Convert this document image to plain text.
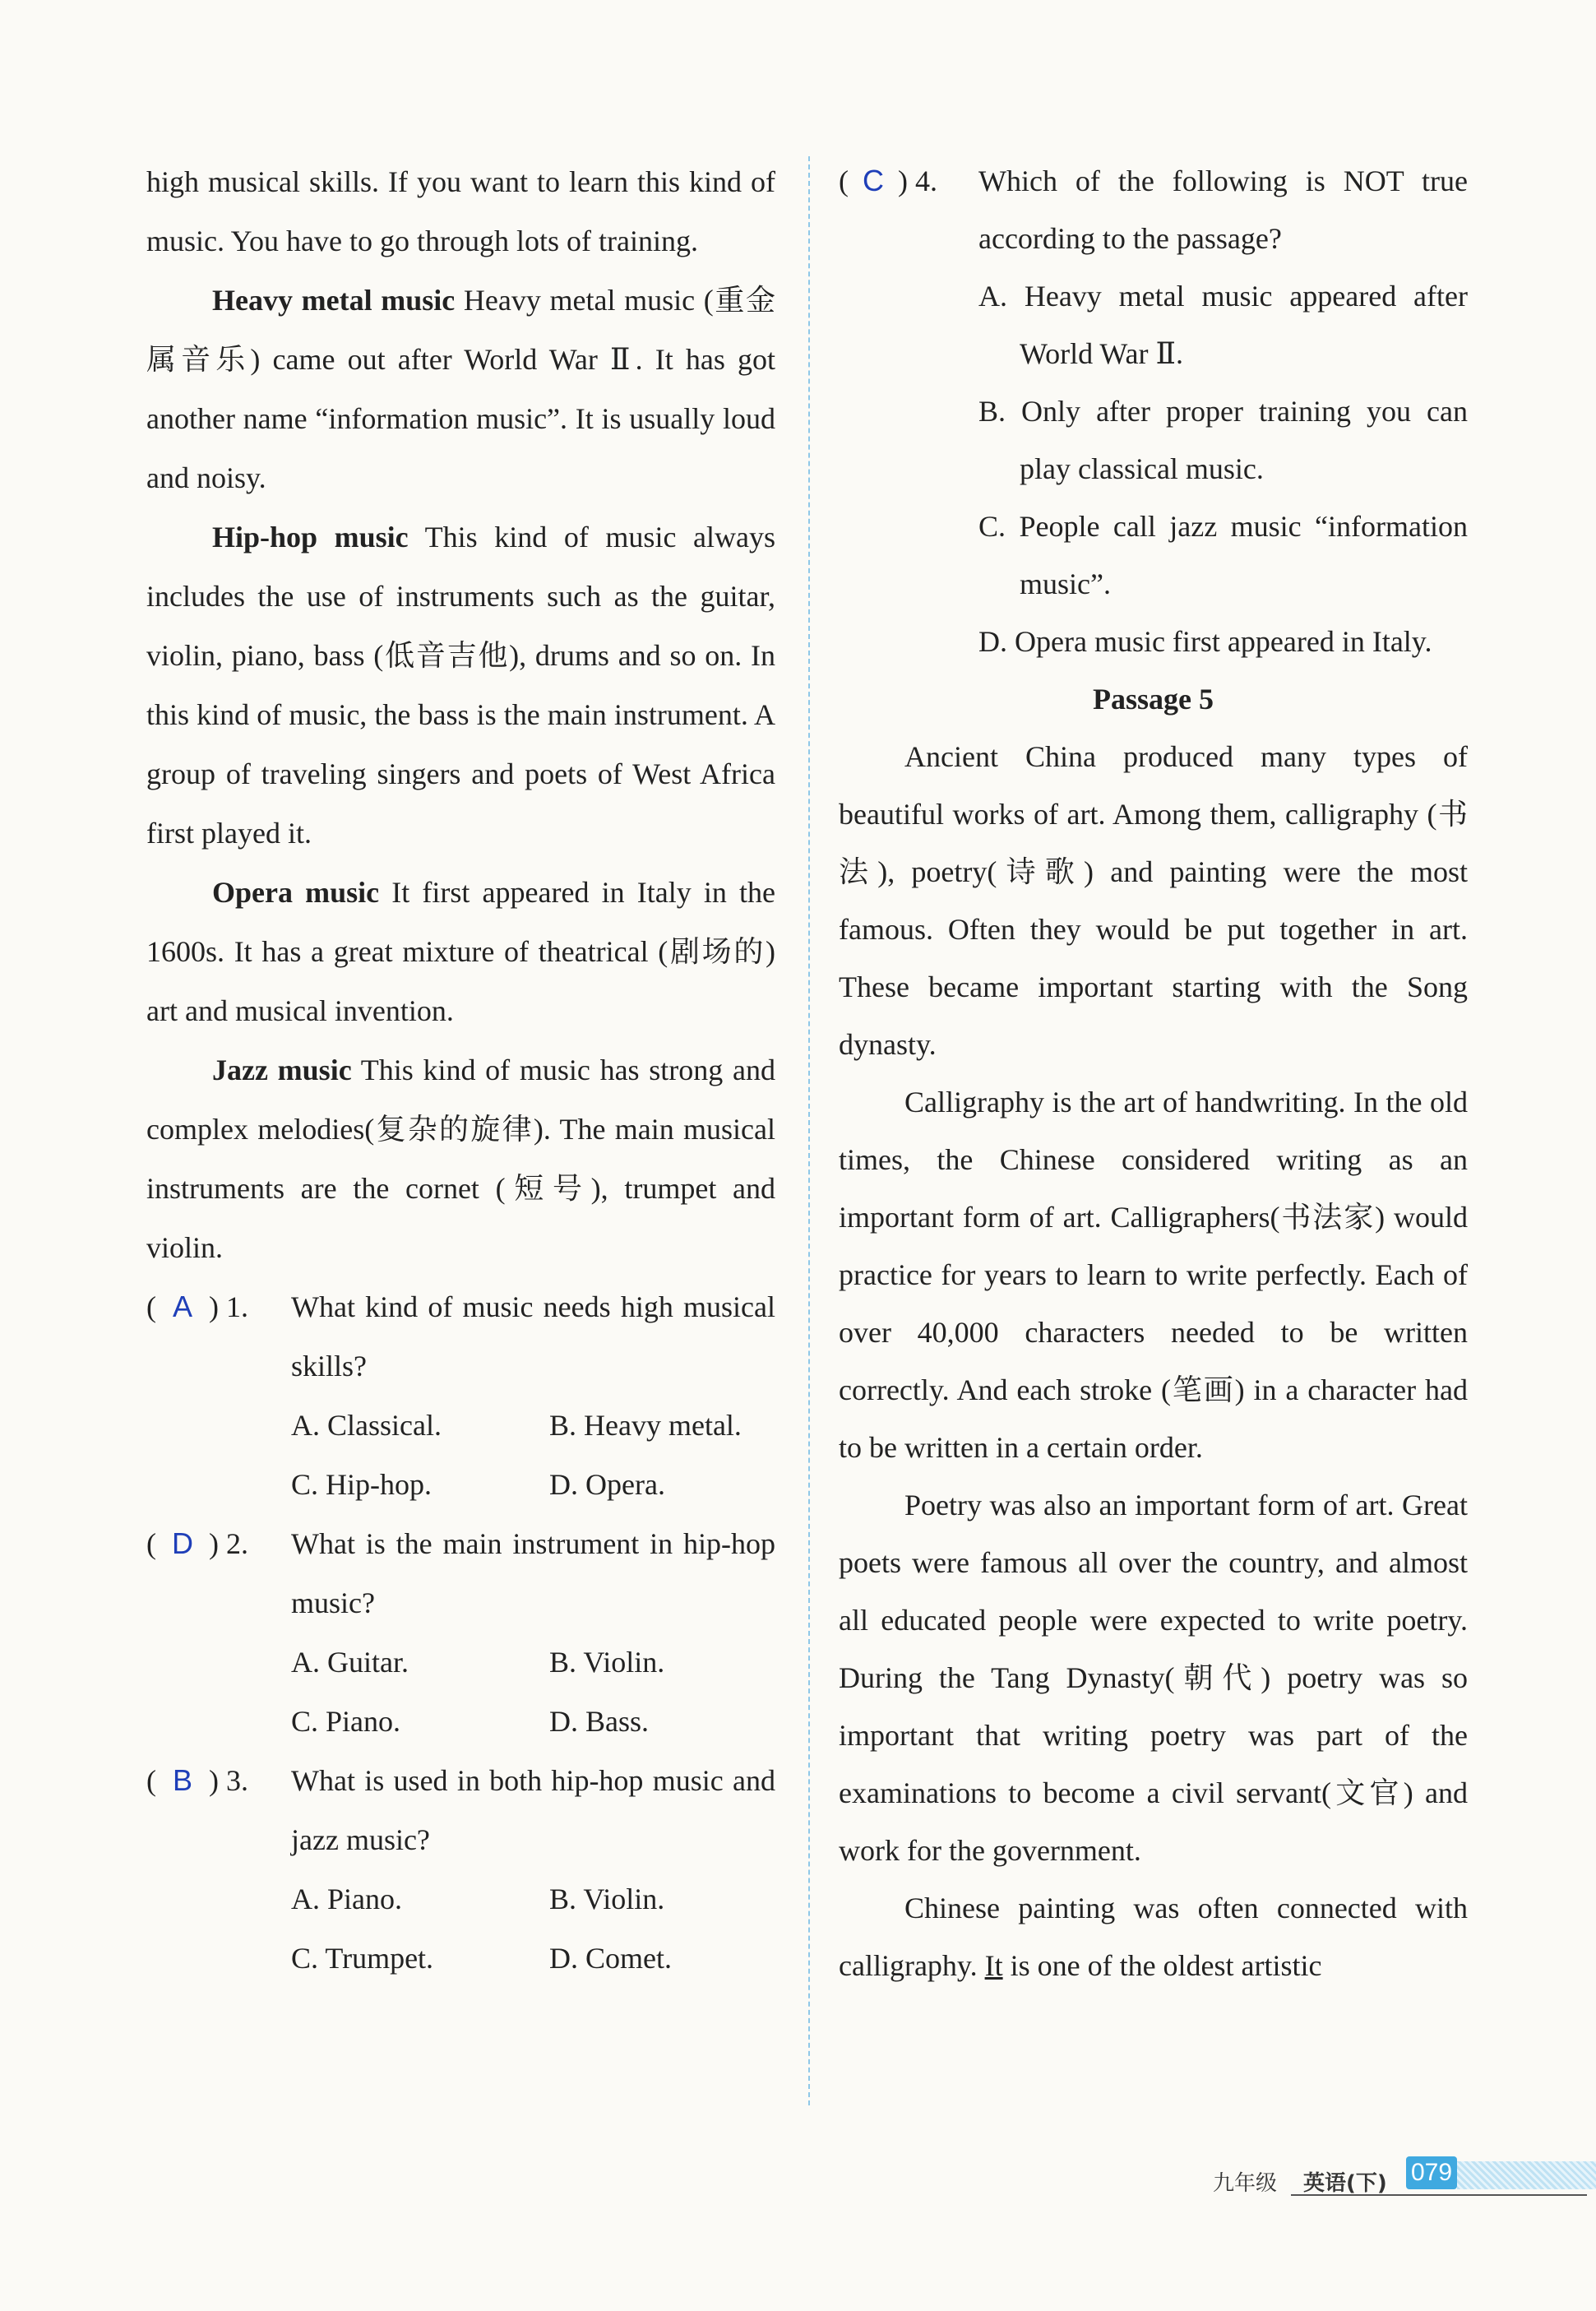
high musical skills. If you want to learn this kind of music. You have to go through lots of training.

Heavy metal music Heavy metal music (重金属音乐) came out after World War Ⅱ. It has got another name “information music”. It is usually loud and noisy.

Hip-hop music This kind of music always includes the use of instruments such as the guitar, violin, piano, bass (低音吉他), drums and so on. In this kind of music, the bass is the main instrument. A group of traveling singers and poets of West Africa first played it.

Opera music It first appeared in Italy in the 1600s. It has a great mixture of theatrical (剧场的) art and musical invention.

Jazz music This kind of music has strong and complex melodies(复杂的旋律). The main musical instruments are the cornet (短号), trumpet and violin.

( A ) 1.	What kind of music needs high musical skills?
A. Classical.	B. Heavy metal.
C. Hip-hop.	D. Opera.
( D ) 2.	What is the main instrument in hip-hop music?
A. Guitar.	B. Violin.
C. Piano.	D. Bass.
( B ) 3.	What is used in both hip-hop music and jazz music?
A. Piano.	B. Violin.
C. Trumpet.	D. Comet.
( C ) 4.	Which of the following is NOT true according to the passage?
A. Heavy metal music appeared after World War Ⅱ.
B. Only after proper training you can play classical music.
C. People call jazz music “information music”.
D. Opera music first appeared in Italy.
Passage 5

Ancient China produced many types of beautiful works of art. Among them, calligraphy (书法), poetry(诗歌) and painting were the most famous. Often they would be put together in art. These became important starting with the Song dynasty.

Calligraphy is the art of handwriting. In the old times, the Chinese considered writing as an important form of art. Calligraphers(书法家) would practice for years to learn to write perfectly. Each of over 40,000 characters needed to be written correctly. And each stroke (笔画) in a character had to be written in a certain order.

Poetry was also an important form of art. Great poets were famous all over the country, and almost all educated people were expected to write poetry. During the Tang Dynasty(朝代) poetry was so important that writing poetry was part of the examinations to become a civil servant(文官) and work for the government.

Chinese painting was often connected with calligraphy. It is one of the oldest artistic

九年级 英语(下) 079
